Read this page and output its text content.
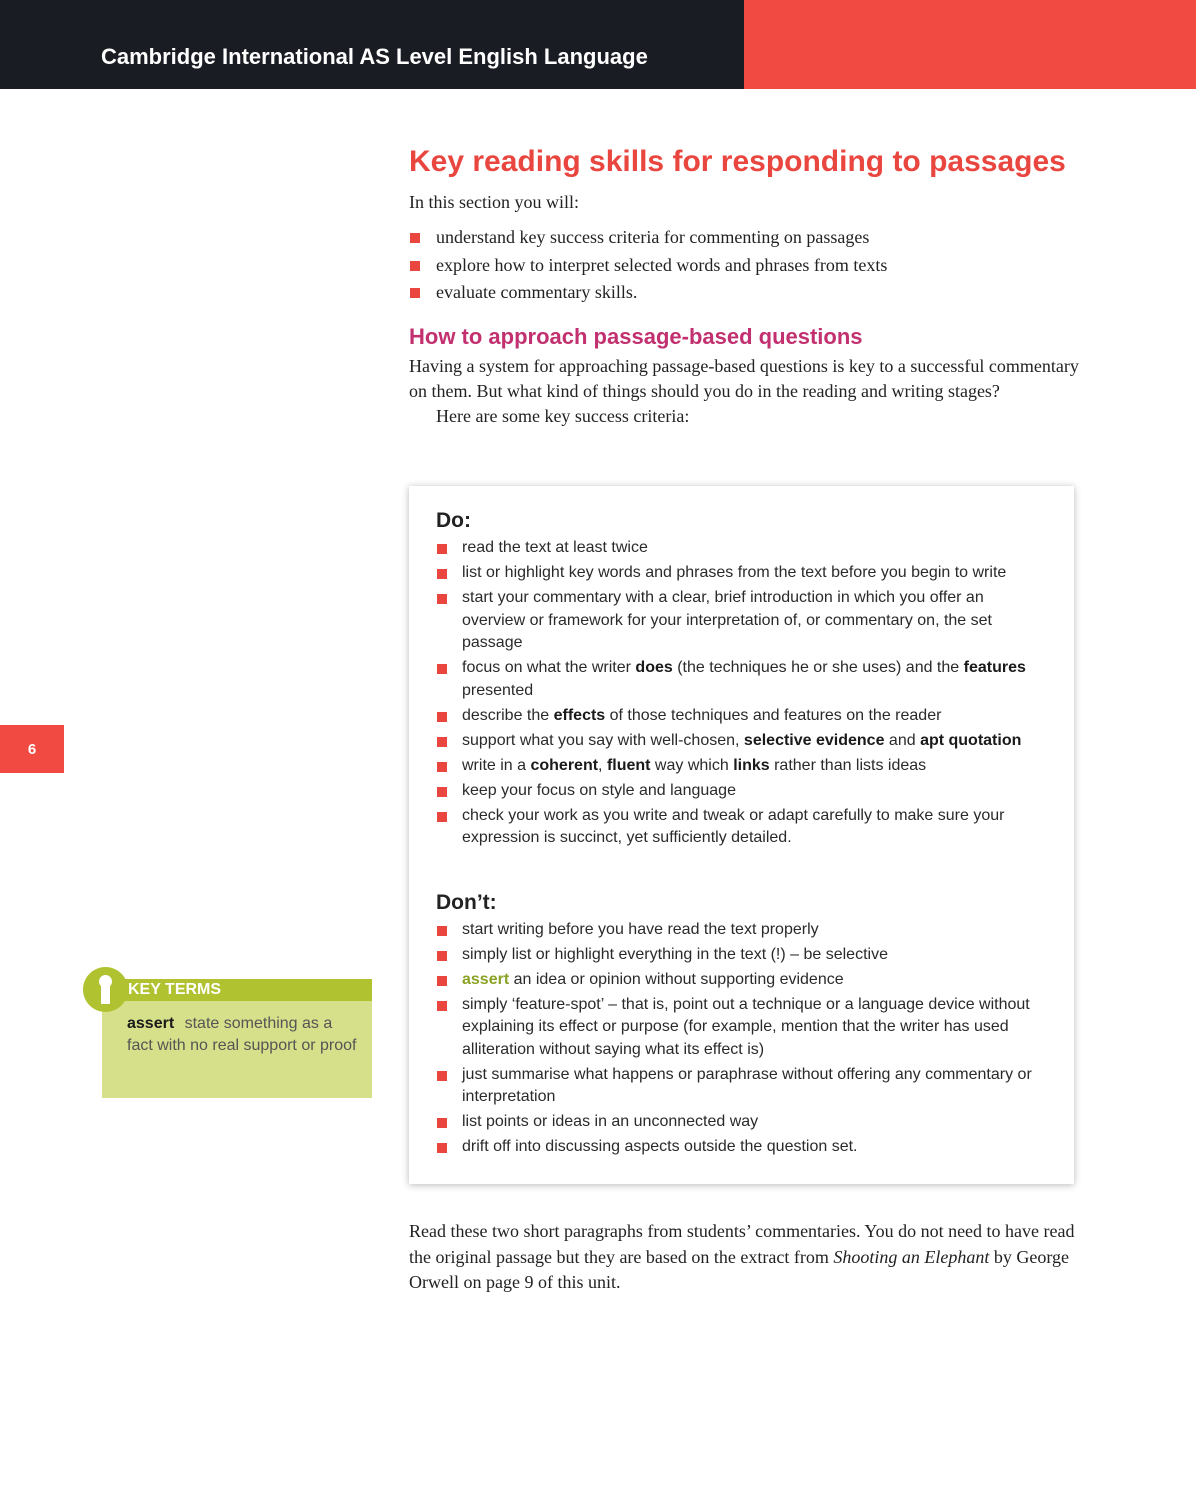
Cambridge International AS Level English Language
6
Key reading skills for responding to passages

In this section you will:

understand key success criteria for commenting on passages
explore how to interpret selected words and phrases from texts
evaluate commentary skills.
How to approach passage‑based questions

Having a system for approaching passage-based questions is key to a successful commentary on them. But what kind of things should you do in the reading and writing stages?

Here are some key success criteria:

Do:
read the text at least twice
list or highlight key words and phrases from the text before you begin to write
start your commentary with a clear, brief introduction in which you offer an overview or framework for your interpretation of, or commentary on, the set passage
focus on what the writer does (the techniques he or she uses) and the features presented
describe the effects of those techniques and features on the reader
support what you say with well-chosen, selective evidence and apt quotation
write in a coherent, fluent way which links rather than lists ideas
keep your focus on style and language
check your work as you write and tweak or adapt carefully to make sure your expression is succinct, yet sufficiently detailed.
Don’t:
start writing before you have read the text properly
simply list or highlight everything in the text (!) – be selective
assert an idea or opinion without supporting evidence
simply ‘feature-spot’ – that is, point out a technique or a language device without explaining its effect or purpose (for example, mention that the writer has used alliteration without saying what its effect is)
just summarise what happens or paraphrase without offering any commentary or interpretation
list points or ideas in an unconnected way
drift off into discussing aspects outside the question set.
KEY TERMS
assert state something as a fact with no real support or proof

Read these two short paragraphs from students’ commentaries. You do not need to have read the original passage but they are based on the extract from Shooting an Elephant by George Orwell on page 9 of this unit.
